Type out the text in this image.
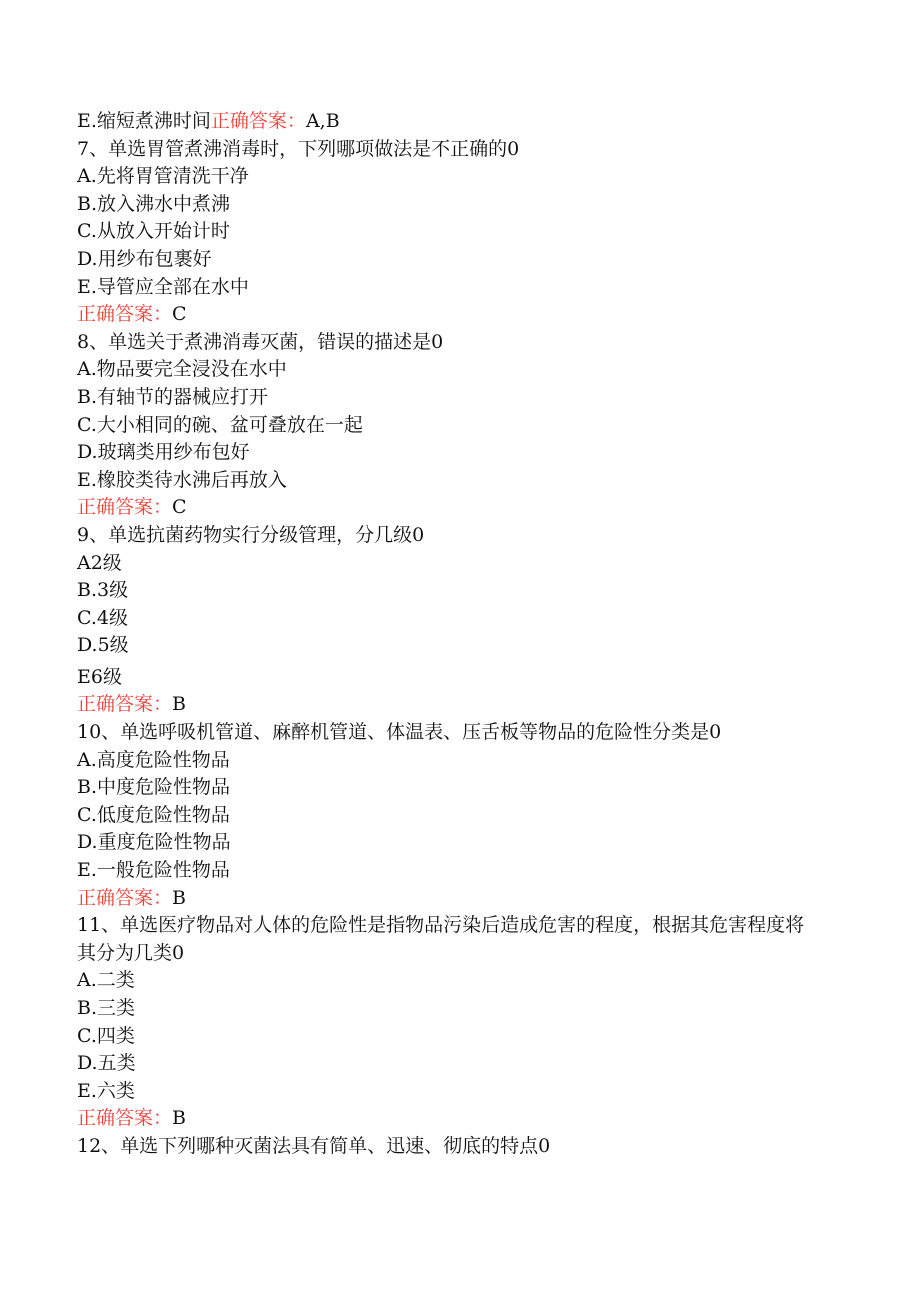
E.缩短煮沸时间正确答案：A,B

7、单选胃管煮沸消毒时，下列哪项做法是不正确的0

A.先将胃管清洗干净

B.放入沸水中煮沸

C.从放入开始计时

D.用纱布包裹好

E.导管应全部在水中

正确答案：C

8、单选关于煮沸消毒灭菌，错误的描述是0

A.物品要完全浸没在水中

B.有轴节的器械应打开

C.大小相同的碗、盆可叠放在一起

D.玻璃类用纱布包好

E.橡胶类待水沸后再放入

正确答案：C

9、单选抗菌药物实行分级管理，分几级0

A2级

B.3级

C.4级

D.5级

E6级

正确答案：B

10、单选呼吸机管道、麻醉机管道、体温表、压舌板等物品的危险性分类是0

A.高度危险性物品

B.中度危险性物品

C.低度危险性物品

D.重度危险性物品

E.一般危险性物品

正确答案：B

11、单选医疗物品对人体的危险性是指物品污染后造成危害的程度，根据其危害程度将其分为几类0

A.二类

B.三类

C.四类

D.五类

E.六类

正确答案：B

12、单选下列哪种灭菌法具有简单、迅速、彻底的特点0
